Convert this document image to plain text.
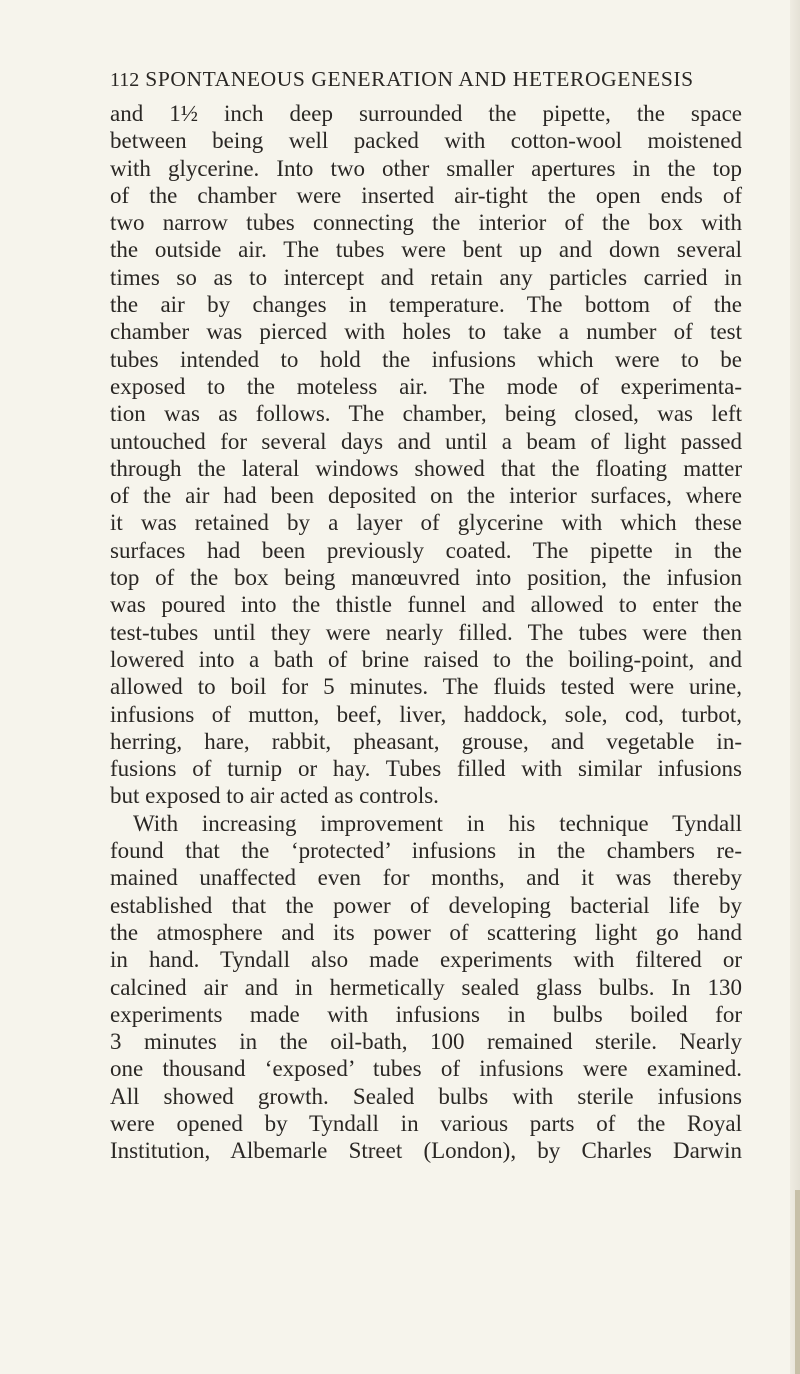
112 SPONTANEOUS GENERATION AND HETEROGENESIS
and 1½ inch deep surrounded the pipette, the space
between being well packed with cotton-wool moistened
with glycerine. Into two other smaller apertures in the top
of the chamber were inserted air-tight the open ends of
two narrow tubes connecting the interior of the box with
the outside air. The tubes were bent up and down several
times so as to intercept and retain any particles carried in
the air by changes in temperature. The bottom of the
chamber was pierced with holes to take a number of test
tubes intended to hold the infusions which were to be
exposed to the moteless air. The mode of experimenta-
tion was as follows. The chamber, being closed, was left
untouched for several days and until a beam of light passed
through the lateral windows showed that the floating matter
of the air had been deposited on the interior surfaces, where
it was retained by a layer of glycerine with which these
surfaces had been previously coated. The pipette in the
top of the box being manœuvred into position, the infusion
was poured into the thistle funnel and allowed to enter the
test-tubes until they were nearly filled. The tubes were then
lowered into a bath of brine raised to the boiling-point, and
allowed to boil for 5 minutes. The fluids tested were urine,
infusions of mutton, beef, liver, haddock, sole, cod, turbot,
herring, hare, rabbit, pheasant, grouse, and vegetable in-
fusions of turnip or hay. Tubes filled with similar infusions
but exposed to air acted as controls.
With increasing improvement in his technique Tyndall
found that the ‘protected’ infusions in the chambers re-
mained unaffected even for months, and it was thereby
established that the power of developing bacterial life by
the atmosphere and its power of scattering light go hand
in hand. Tyndall also made experiments with filtered or
calcined air and in hermetically sealed glass bulbs. In 130
experiments made with infusions in bulbs boiled for
3 minutes in the oil-bath, 100 remained sterile. Nearly
one thousand ‘exposed’ tubes of infusions were examined.
All showed growth. Sealed bulbs with sterile infusions
were opened by Tyndall in various parts of the Royal
Institution, Albemarle Street (London), by Charles Darwin
